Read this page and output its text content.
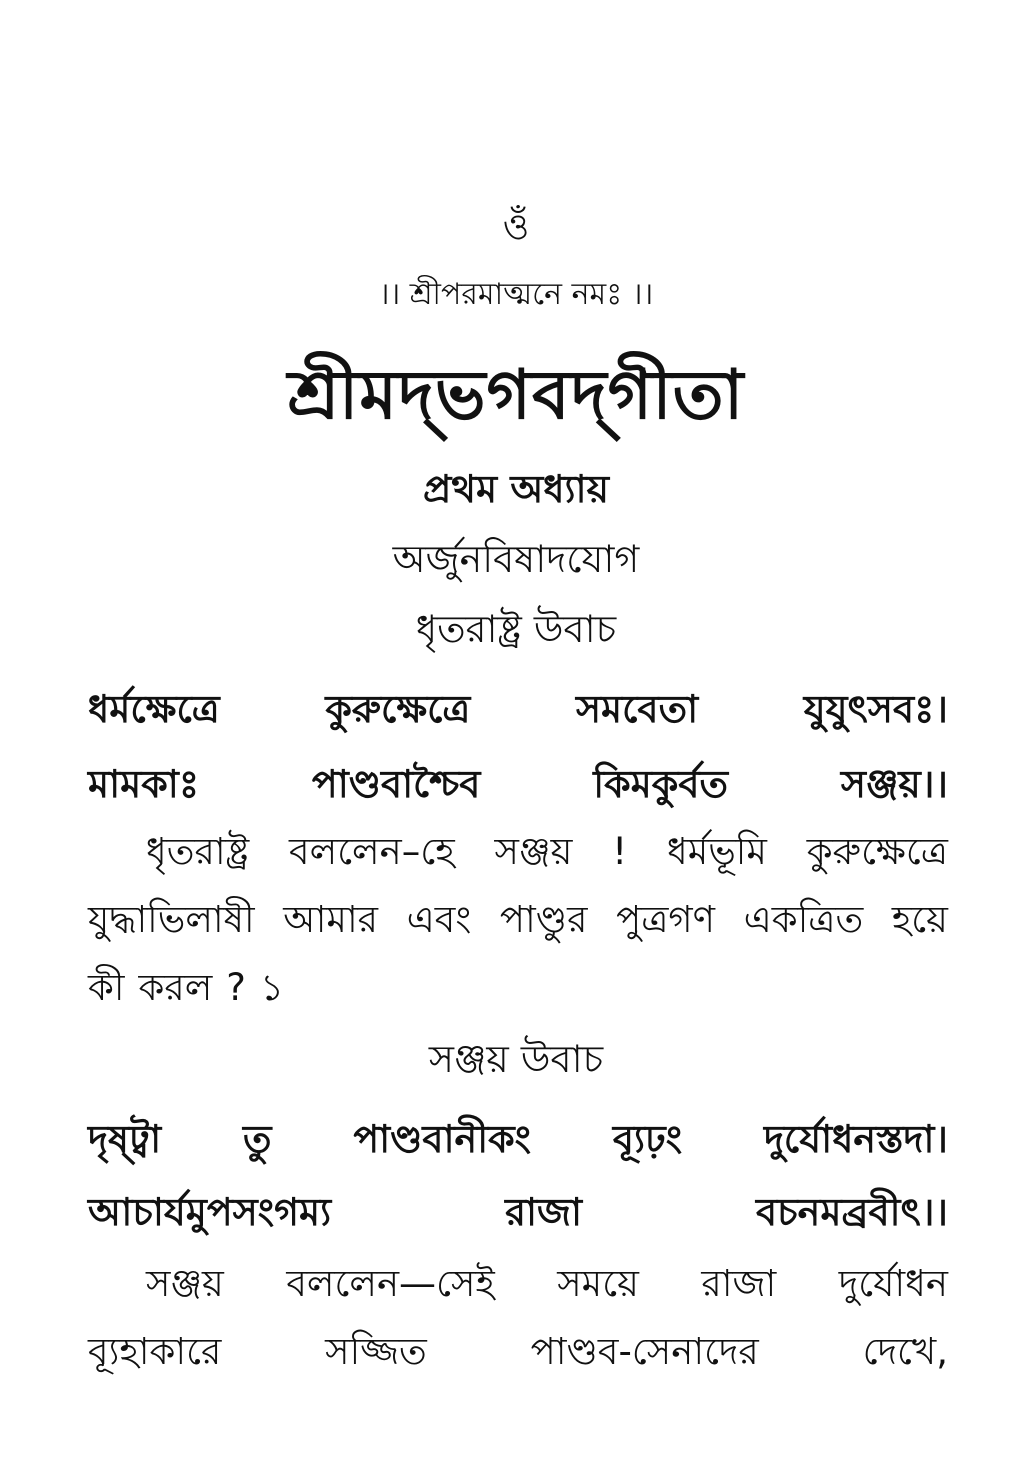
ওঁ
।। শ্রীপরমাত্মনে নমঃ ।।
শ্রীমদ্‌ভগবদ্‌গীতা
প্রথম অধ্যায়
অর্জুনবিষাদযোগ
ধৃতরাষ্ট্র উবাচ
ধর্মক্ষেত্রে	কুরুক্ষেত্রে	সমবেতা	যুযুৎসবঃ।
মামকাঃ	পাণ্ডবাশ্চৈব	কিমকুর্বত	সঞ্জয়।।
ধৃতরাষ্ট্র বললেন–হে সঞ্জয় ! ধর্মভূমি কুরুক্ষেত্রে
যুদ্ধাভিলাষী আমার এবং পাণ্ডুর পুত্রগণ একত্রিত হয়ে
কী করল ? ১
সঞ্জয় উবাচ
দৃষ্ট্বা তু পাণ্ডবানীকং ব্যূঢ়ং দুর্যোধনস্তদা।
আচার্যমুপসংগম্য	রাজা	বচনমব্রবীৎ।।
সঞ্জয় বললেন—সেই সময়ে রাজা দুর্যোধন
ব্যূহাকারে	সজ্জিত	পাণ্ডব-সেনাদের	দেখে,
